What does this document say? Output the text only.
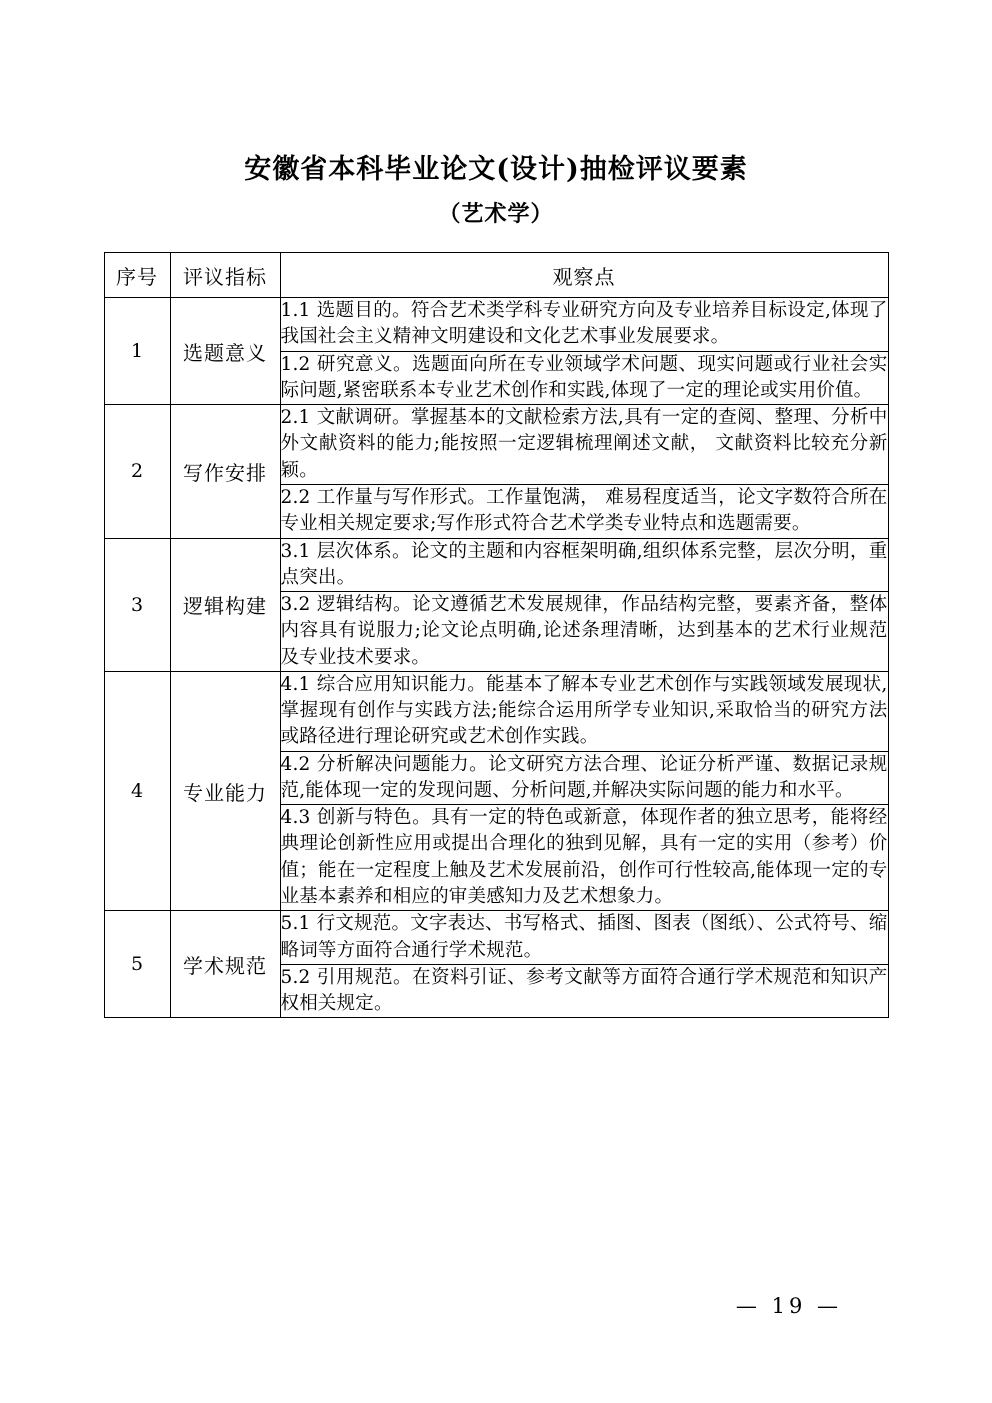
安徽省本科毕业论文(设计)抽检评议要素
（艺术学）
序号	评议指标	观察点
1	选题意义	1.1 选题目的。符合艺术类学科专业研究方向及专业培养目标设定,体现了我国社会主义精神文明建设和文化艺术事业发展要求。
		1.2 研究意义。选题面向所在专业领域学术问题、现实问题或行业社会实际问题,紧密联系本专业艺术创作和实践,体现了一定的理论或实用价值。
2	写作安排	2.1 文献调研。掌握基本的文献检索方法,具有一定的查阅、整理、分析中外文献资料的能力;能按照一定逻辑梳理阐述文献， 文献资料比较充分新颖。
		2.2 工作量与写作形式。工作量饱满， 难易程度适当，论文字数符合所在专业相关规定要求;写作形式符合艺术学类专业特点和选题需要。
3	逻辑构建	3.1 层次体系。论文的主题和内容框架明确,组织体系完整，层次分明，重点突出。
		3.2 逻辑结构。论文遵循艺术发展规律，作品结构完整，要素齐备，整体内容具有说服力;论文论点明确,论述条理清晰，达到基本的艺术行业规范及专业技术要求。
4	专业能力	4.1 综合应用知识能力。能基本了解本专业艺术创作与实践领域发展现状,掌握现有创作与实践方法;能综合运用所学专业知识,采取恰当的研究方法或路径进行理论研究或艺术创作实践。
		4.2 分析解决问题能力。论文研究方法合理、论证分析严谨、数据记录规范,能体现一定的发现问题、分析问题,并解决实际问题的能力和水平。
		4.3 创新与特色。具有一定的特色或新意，体现作者的独立思考，能将经典理论创新性应用或提出合理化的独到见解，具有一定的实用（参考）价值；能在一定程度上触及艺术发展前沿，创作可行性较高,能体现一定的专业基本素养和相应的审美感知力及艺术想象力。
5	学术规范	5.1 行文规范。文字表达、书写格式、插图、图表（图纸）、公式符号、缩略词等方面符合通行学术规范。
		5.2 引用规范。在资料引证、参考文献等方面符合通行学术规范和知识产权相关规定。
— 19 —
